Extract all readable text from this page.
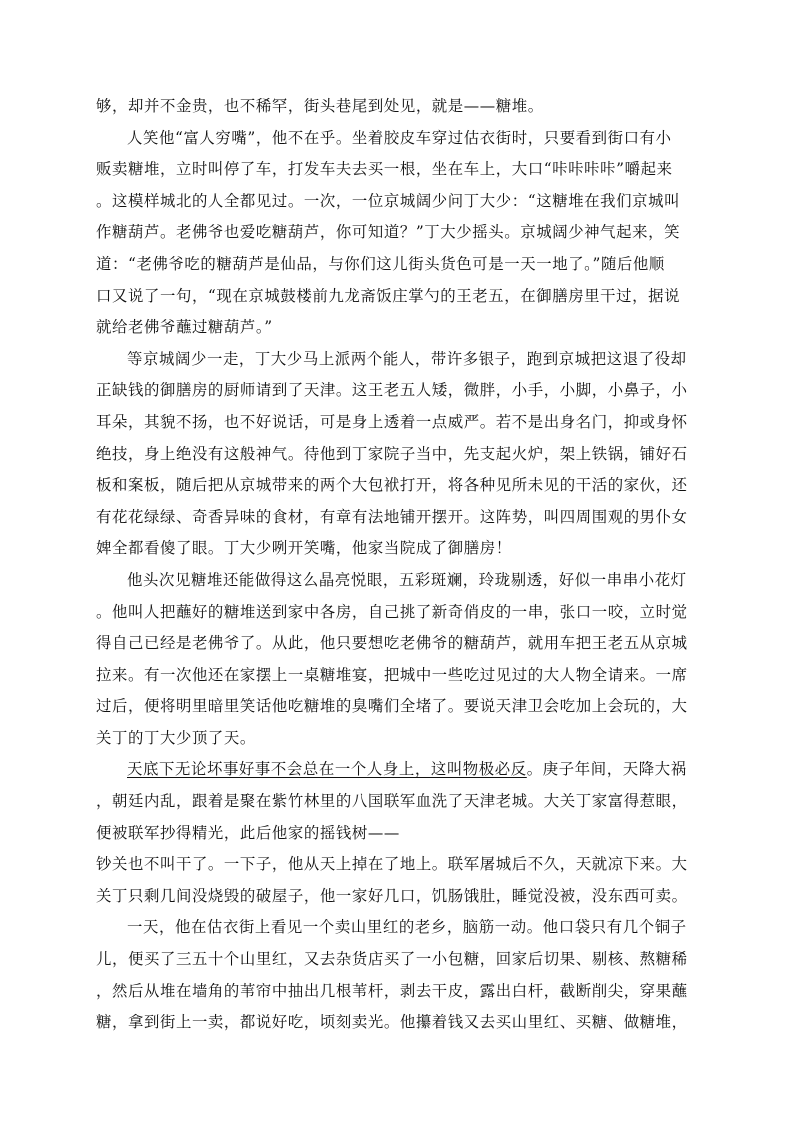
够，却并不金贵，也不稀罕，街头巷尾到处见，就是——糖堆。
人笑他“富人穷嘴”，他不在乎。坐着胶皮车穿过估衣街时，只要看到街口有小
贩卖糖堆，立时叫停了车，打发车夫去买一根，坐在车上，大口“咔咔咔咔”嚼起来
。这模样城北的人全都见过。一次，一位京城阔少问丁大少：“这糖堆在我们京城叫
作糖葫芦。老佛爷也爱吃糖葫芦，你可知道？”丁大少摇头。京城阔少神气起来，笑
道：“老佛爷吃的糖葫芦是仙品，与你们这儿街头货色可是一天一地了。”随后他顺
口又说了一句，“现在京城鼓楼前九龙斋饭庄掌勺的王老五，在御膳房里干过，据说
就给老佛爷蘸过糖葫芦。”
等京城阔少一走，丁大少马上派两个能人，带许多银子，跑到京城把这退了役却
正缺钱的御膳房的厨师请到了天津。这王老五人矮，微胖，小手，小脚，小鼻子，小
耳朵，其貌不扬，也不好说话，可是身上透着一点威严。若不是出身名门，抑或身怀
绝技，身上绝没有这般神气。待他到丁家院子当中，先支起火炉，架上铁锅，铺好石
板和案板，随后把从京城带来的两个大包袱打开，将各种见所未见的干活的家伙，还
有花花绿绿、奇香异味的食材，有章有法地铺开摆开。这阵势，叫四周围观的男仆女
婢全都看傻了眼。丁大少咧开笑嘴，他家当院成了御膳房！
他头次见糖堆还能做得这么晶亮悦眼，五彩斑斓，玲珑剔透，好似一串串小花灯
。他叫人把蘸好的糖堆送到家中各房，自己挑了新奇俏皮的一串，张口一咬，立时觉
得自己已经是老佛爷了。从此，他只要想吃老佛爷的糖葫芦，就用车把王老五从京城
拉来。有一次他还在家摆上一桌糖堆宴，把城中一些吃过见过的大人物全请来。一席
过后，便将明里暗里笑话他吃糖堆的臭嘴们全堵了。要说天津卫会吃加上会玩的，大
关丁的丁大少顶了天。
天底下无论坏事好事不会总在一个人身上，这叫物极必反。庚子年间，天降大祸
，朝廷内乱，跟着是聚在紫竹林里的八国联军血洗了天津老城。大关丁家富得惹眼，
便被联军抄得精光，此后他家的摇钱树——
钞关也不叫干了。一下子，他从天上掉在了地上。联军屠城后不久，天就凉下来。大
关丁只剩几间没烧毁的破屋子，他一家好几口，饥肠饿肚，睡觉没被，没东西可卖。
一天，他在估衣街上看见一个卖山里红的老乡，脑筋一动。他口袋只有几个铜子
儿，便买了三五十个山里红，又去杂货店买了一小包糖，回家后切果、剔核、熬糖稀
，然后从堆在墙角的苇帘中抽出几根苇杆，剥去干皮，露出白杆，截断削尖，穿果蘸
糖，拿到街上一卖，都说好吃，顷刻卖光。他攥着钱又去买山里红、买糖、做糖堆，
